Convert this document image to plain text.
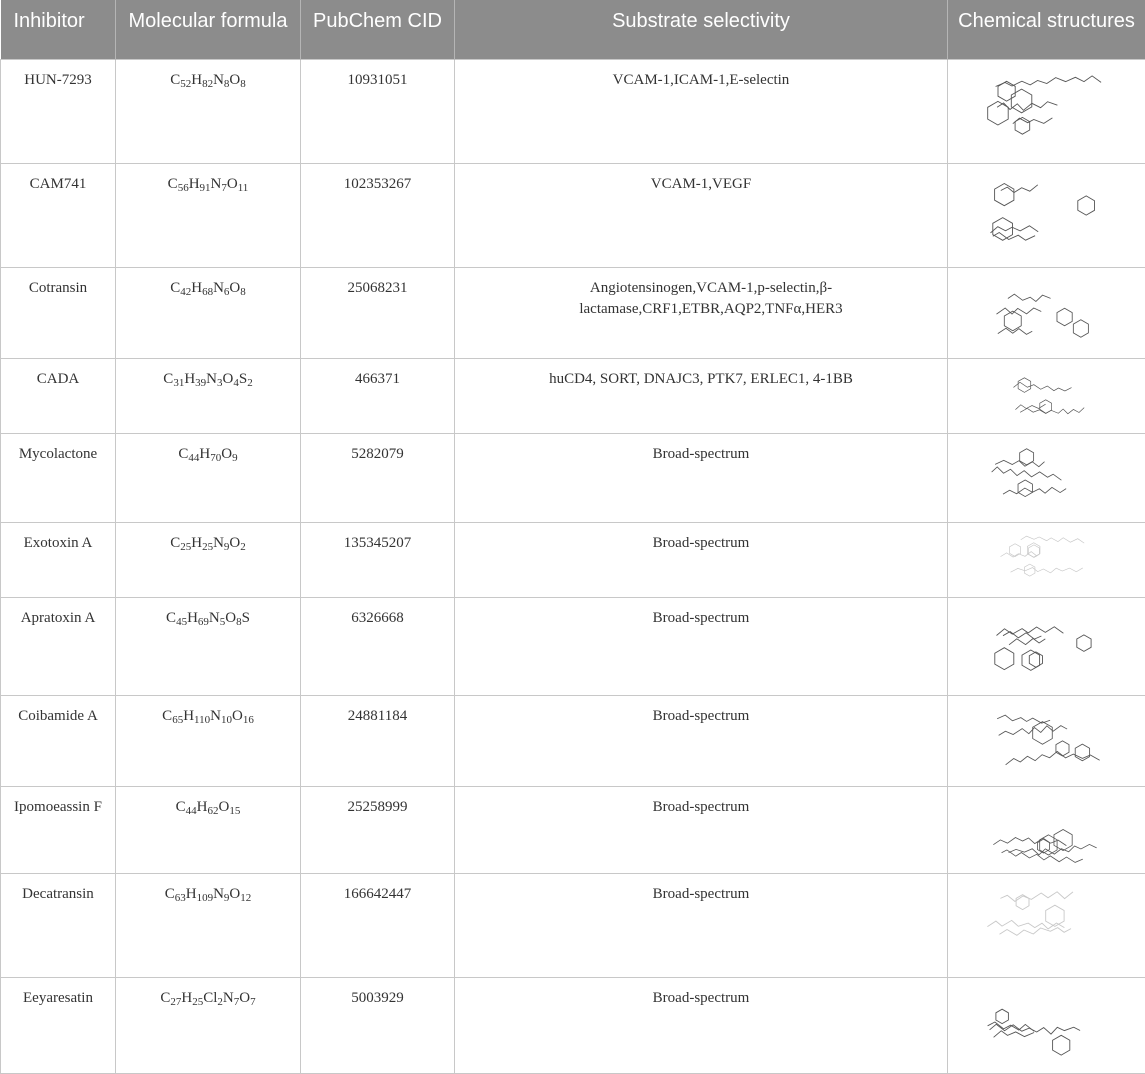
Inhibitor	Molecular formula	PubChem CID	Substrate selectivity	Chemical structures
HUN-7293	$C_{52}H_{82}N_8O_8$	10931051	VCAM-1,ICAM-1,E-selectin	

CAM741	$C_{56}H_{91}N_7O_{11}$	102353267	VCAM-1,VEGF	

Cotransin	$C_{42}H_{68}N_6O_8$	25068231	Angiotensinogen,VCAM-1,p-selectin,β-lactamase,CRF1,ETBR,AQP2,TNFα,HER3	

CADA	$C_{31}H_{39}N_3O_4S_2$	466371	huCD4, SORT, DNAJC3, PTK7, ERLEC1, 4-1BB	

Mycolactone	$C_{44}H_{70}O_9$	5282079	Broad-spectrum	

Exotoxin A	$C_{25}H_{25}N_9O_2$	135345207	Broad-spectrum	

Apratoxin A	$C_{45}H_{69}N_5O_8S$	6326668	Broad-spectrum	

Coibamide A	$C_{65}H_{110}N_{10}O_{16}$	24881184	Broad-spectrum	

Ipomoeassin F	$C_{44}H_{62}O_{15}$	25258999	Broad-spectrum	

Decatransin	$C_{63}H_{109}N_9O_{12}$	166642447	Broad-spectrum	

Eeyaresatin	$C_{27}H_{25}Cl_2N_7O_7$	5003929	Broad-spectrum	
